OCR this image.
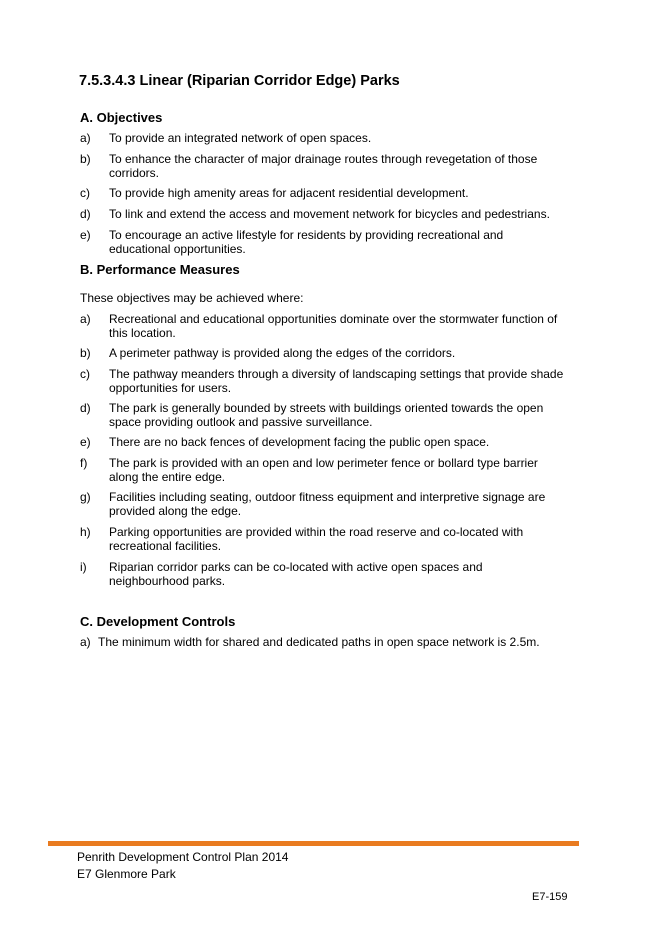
7.5.3.4.3 Linear (Riparian Corridor Edge) Parks
A. Objectives
a) To provide an integrated network of open spaces.
b) To enhance the character of major drainage routes through revegetation of those corridors.
c) To provide high amenity areas for adjacent residential development.
d) To link and extend the access and movement network for bicycles and pedestrians.
e) To encourage an active lifestyle for residents by providing recreational and educational opportunities.
B. Performance Measures

These objectives may be achieved where:

a) Recreational and educational opportunities dominate over the stormwater function of this location.
b) A perimeter pathway is provided along the edges of the corridors.
c) The pathway meanders through a diversity of landscaping settings that provide shade opportunities for users.
d) The park is generally bounded by streets with buildings oriented towards the open space providing outlook and passive surveillance.
e) There are no back fences of development facing the public open space.
f) The park is provided with an open and low perimeter fence or bollard type barrier along the entire edge.
g) Facilities including seating, outdoor fitness equipment and interpretive signage are provided along the edge.
h) Parking opportunities are provided within the road reserve and co-located with recreational facilities.
i) Riparian corridor parks can be co-located with active open spaces and neighbourhood parks.
C. Development Controls
a) The minimum width for shared and dedicated paths in open space network is 2.5m.

Penrith Development Control Plan 2014

E7 Glenmore Park

E7-159
